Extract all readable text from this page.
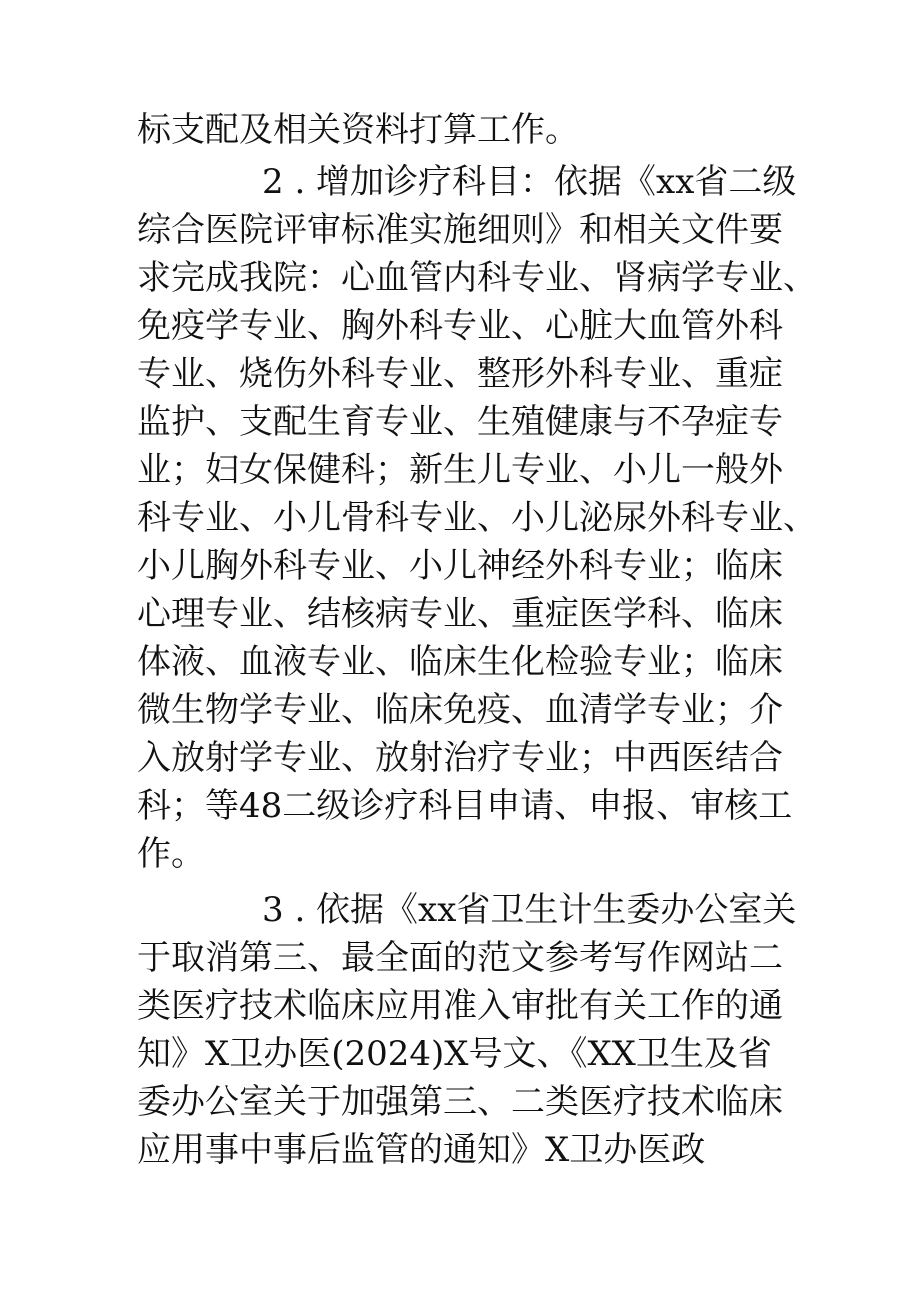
标支配及相关资料打算工作。
2 . 增加诊疗科目：依据《xx省二级
综合医院评审标准实施细则》和相关文件要
求完成我院：心血管内科专业、肾病学专业、
免疫学专业、胸外科专业、心脏大血管外科
专业、烧伤外科专业、整形外科专业、重症
监护、支配生育专业、生殖健康与不孕症专
业；妇女保健科；新生儿专业、小儿一般外
科专业、小儿骨科专业、小儿泌尿外科专业、
小儿胸外科专业、小儿神经外科专业；临床
心理专业、结核病专业、重症医学科、临床
体液、血液专业、临床生化检验专业；临床
微生物学专业、临床免疫、血清学专业；介
入放射学专业、放射治疗专业；中西医结合
科；等48二级诊疗科目申请、申报、审核工
作。
3 . 依据《xx省卫生计生委办公室关
于取消第三、最全面的范文参考写作网站二
类医疗技术临床应用准入审批有关工作的通
知》X卫办医(2024)X号文、《XX卫生及省
委办公室关于加强第三、二类医疗技术临床
应用事中事后监管的通知》X卫办医政
